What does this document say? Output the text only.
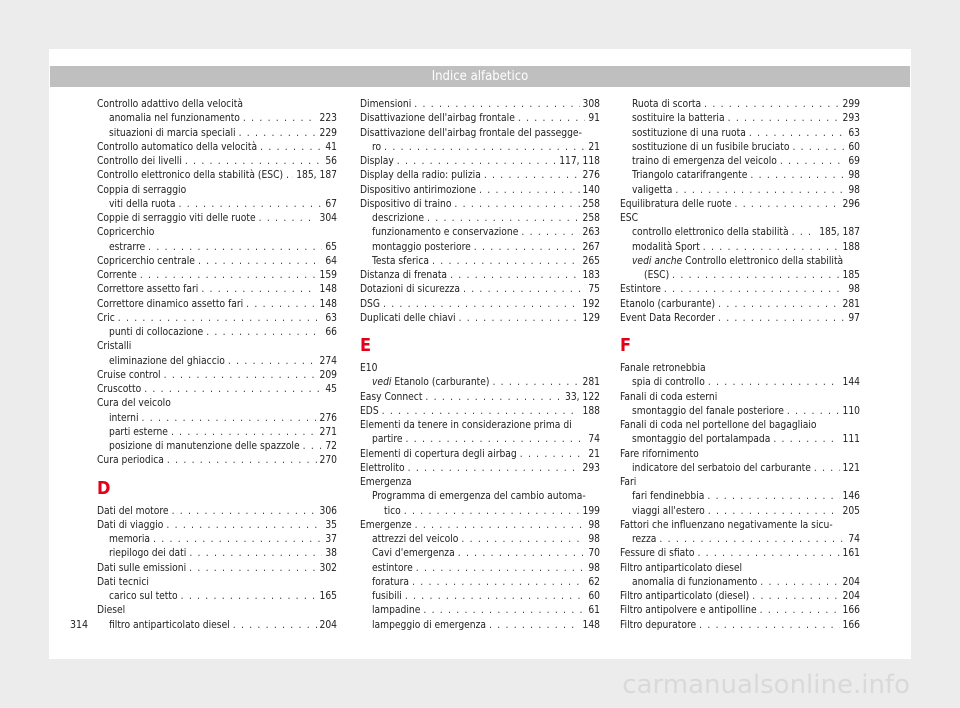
Indice alfabetico
Controllo adattivo della velocità
anomalia nel funzionamento . . .	223
situazioni di marcia speciali . . .	229
Controllo automatico della velocità . . .	41
Controllo dei livelli . . .	56
Controllo elettronico della stabilità (ESC) . . . . 185, 187
Coppia di serraggio
viti della ruota . . .	67
Coppie di serraggio viti delle ruote . . .	304
Copricerchio
estrarre . . .	65
Copricerchio centrale . . .	64
Corrente . . .	159
Correttore assetto fari . . .	148
Correttore dinamico assetto fari . . .	148
Cric . . .	63
punti di collocazione . . .	66
Cristalli
eliminazione del ghiaccio . . .	274
Cruise control . . .	209
Cruscotto . . .	45
Cura del veicolo
interni . . .	276
parti esterne . . .	271
posizione di manutenzione delle spazzole . . .	72
Cura periodica . . .	270
D
Dati del motore . . .	306
Dati di viaggio . . .	35
memoria . . .	37
riepilogo dei dati . . .	38
Dati sulle emissioni . . .	302
Dati tecnici
carico sul tetto . . .	165
Diesel
filtro antiparticolato diesel . . .	204
Dimensioni . . .	308
Disattivazione dell'airbag frontale . . .	91
Disattivazione dell'airbag frontale del passegge-
ro . . .	21
Display . . .	117, 118
Display della radio: pulizia . . .	276
Dispositivo antirimozione . . .	140
Dispositivo di traino . . .	258
descrizione . . .	258
funzionamento e conservazione . . .	263
montaggio posteriore . . .	267
Testa sferica . . .	265
Distanza di frenata . . .	183
Dotazioni di sicurezza . . .	75
DSG . . .	192
Duplicati delle chiavi . . .	129
E
E10
vedi Etanolo (carburante) . . .	281
Easy Connect . . .	33, 122
EDS . . .	188
Elementi da tenere in considerazione prima di
partire . . .	74
Elementi di copertura degli airbag . . .	21
Elettrolito . . .	293
Emergenza
Programma di emergenza del cambio automa-
tico . . .	199
Emergenze . . .	98
attrezzi del veicolo . . .	98
Cavi d'emergenza . . .	70
estintore . . .	98
foratura . . .	62
fusibili . . .	60
lampadine . . .	61
lampeggio di emergenza . . .	148
Ruota di scorta . . .	299
sostituire la batteria . . .	293
sostituzione di una ruota . . .	63
sostituzione di un fusibile bruciato . . .	60
traino di emergenza del veicolo . . .	69
Triangolo catarifrangente . . .	98
valigetta . . .	98
Equilibratura delle ruote . . .	296
ESC
controllo elettronico della stabilità . . .	185, 187
modalità Sport . . .	188
vedi anche Controllo elettronico della stabilità
(ESC) . . .	185
Estintore . . .	98
Etanolo (carburante) . . .	281
Event Data Recorder . . .	97
F
Fanale retronebbia
spia di controllo . . .	144
Fanali di coda esterni
smontaggio del fanale posteriore . . .	110
Fanali di coda nel portellone del bagagliaio
smontaggio del portalampada . . .	111
Fare rifornimento
indicatore del serbatoio del carburante . . .	121
Fari
fari fendinebbia . . .	146
viaggi all'estero . . .	205
Fattori che influenzano negativamente la sicu-
rezza . . .	74
Fessure di sfiato . . .	161
Filtro antiparticolato diesel
anomalia di funzionamento . . .	204
Filtro antiparticolato (diesel) . . .	204
Filtro antipolvere e antipolline . . .	166
Filtro depuratore . . .	166
314
carmanualsonline.info
